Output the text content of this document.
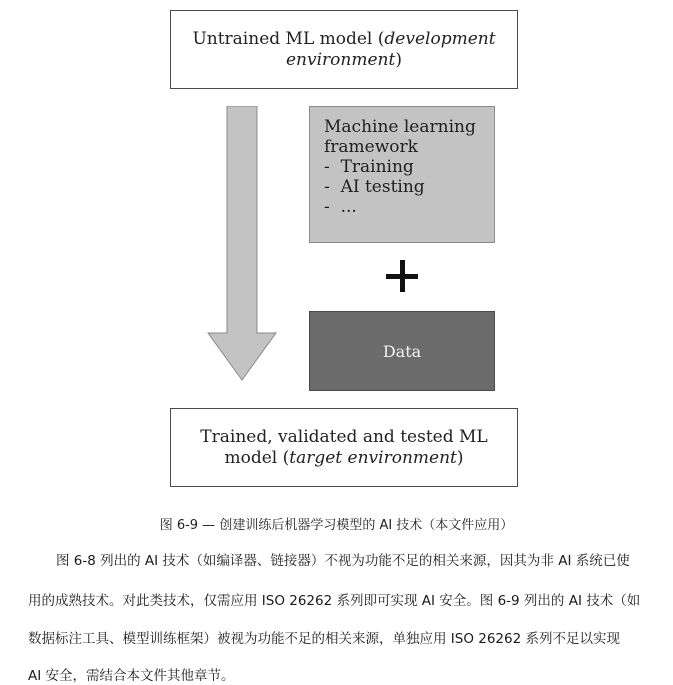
Untrained ML model (development
environment)
Machine learning
framework
- Training
- AI testing
- ...
Data
Trained, validated and tested ML
model (target environment)
图 6-9 — 创建训练后机器学习模型的 AI 技术（本文件应用）
图 6-8 列出的 AI 技术（如编译器、链接器）不视为功能不足的相关来源，因其为非 AI 系统已使
用的成熟技术。对此类技术，仅需应用 ISO 26262 系列即可实现 AI 安全。图 6-9 列出的 AI 技术（如
数据标注工具、模型训练框架）被视为功能不足的相关来源，单独应用 ISO 26262 系列不足以实现
AI 安全，需结合本文件其他章节。
